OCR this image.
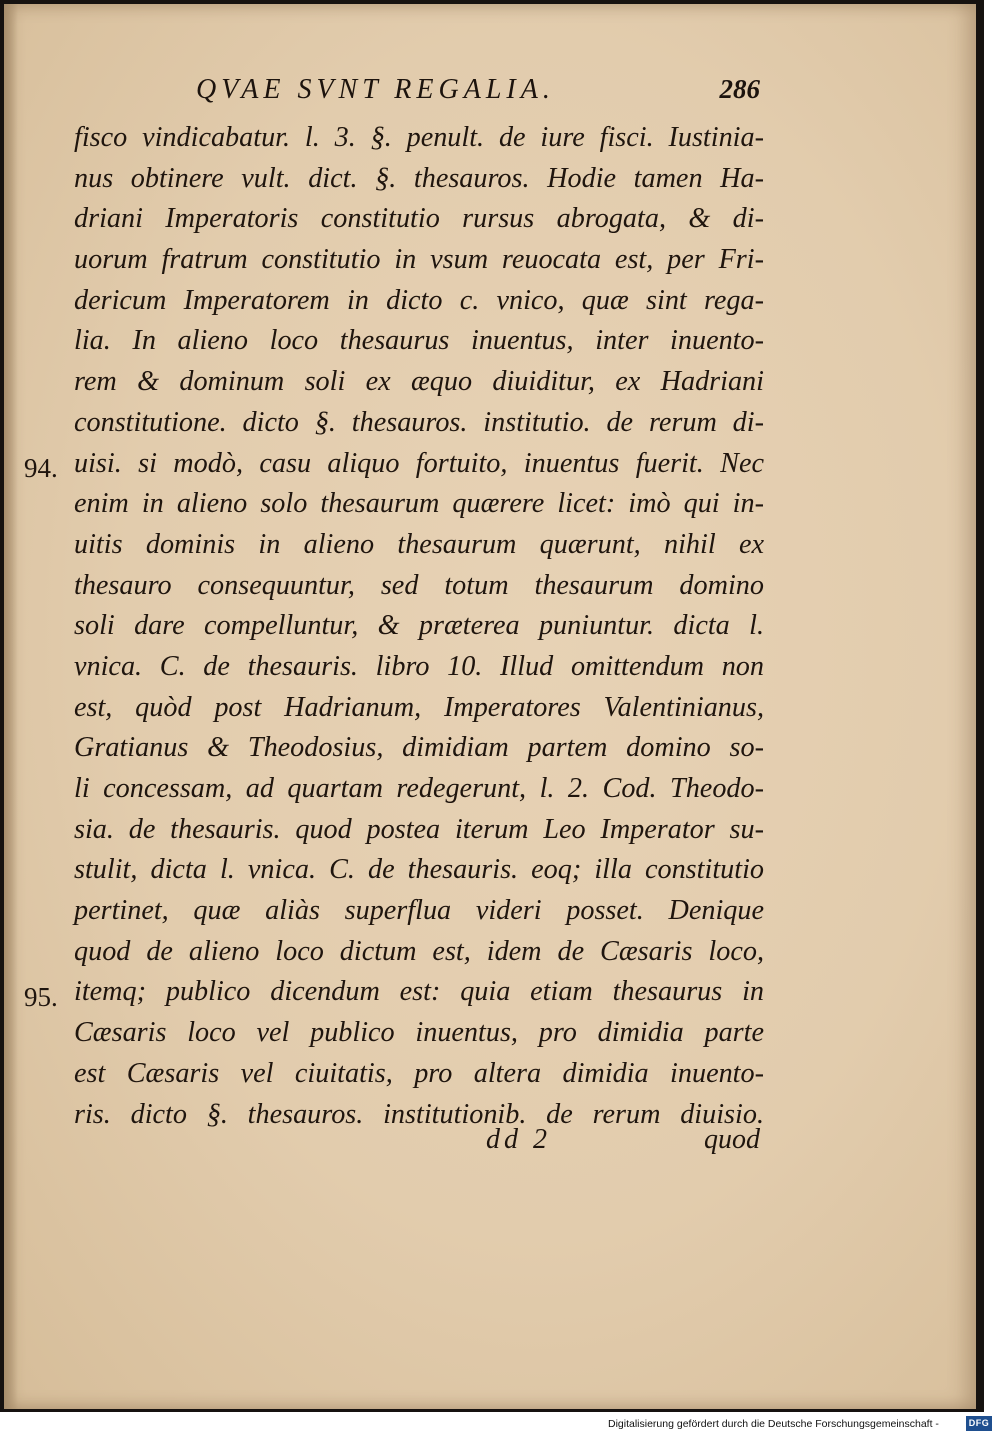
QVAE SVNT REGALIA.	286
fisco vindicabatur. l. 3. §. penult. de iure fisci. Iustinia-
nus obtinere vult. dict. §. thesauros. Hodie tamen Ha-
driani Imperatoris constitutio rursus abrogata, & di-
uorum fratrum constitutio in vsum reuocata est, per Fri-
dericum Imperatorem in dicto c. vnico, quæ sint rega-
lia. In alieno loco thesaurus inuentus, inter inuento-
rem & dominum soli ex æquo diuiditur, ex Hadriani
constitutione. dicto §. thesauros. institutio. de rerum di-
uisi. si modò, casu aliquo fortuito, inuentus fuerit. Nec
enim in alieno solo thesaurum quærere licet: imò qui in-
uitis dominis in alieno thesaurum quærunt, nihil ex
thesauro consequuntur, sed totum thesaurum domino
soli dare compelluntur, & præterea puniuntur. dicta l.
vnica. C. de thesauris. libro 10. Illud omittendum non
est, quòd post Hadrianum, Imperatores Valentinianus,
Gratianus & Theodosius, dimidiam partem domino so-
li concessam, ad quartam redegerunt, l. 2. Cod. Theodo-
sia. de thesauris. quod postea iterum Leo Imperator su-
stulit, dicta l. vnica. C. de thesauris. eoq; illa constitutio
pertinet, quæ aliàs superflua videri posset. Denique
quod de alieno loco dictum est, idem de Cæsaris loco,
itemq; publico dicendum est: quia etiam thesaurus in
Cæsaris loco vel publico inuentus, pro dimidia parte
est Cæsaris vel ciuitatis, pro altera dimidia inuento-
ris. dicto §. thesauros. institutionib. de rerum diuisio.
94.
95.
dd 2	quod
Digitalisierung gefördert durch die Deutsche Forschungsgemeinschaft -	DFG
